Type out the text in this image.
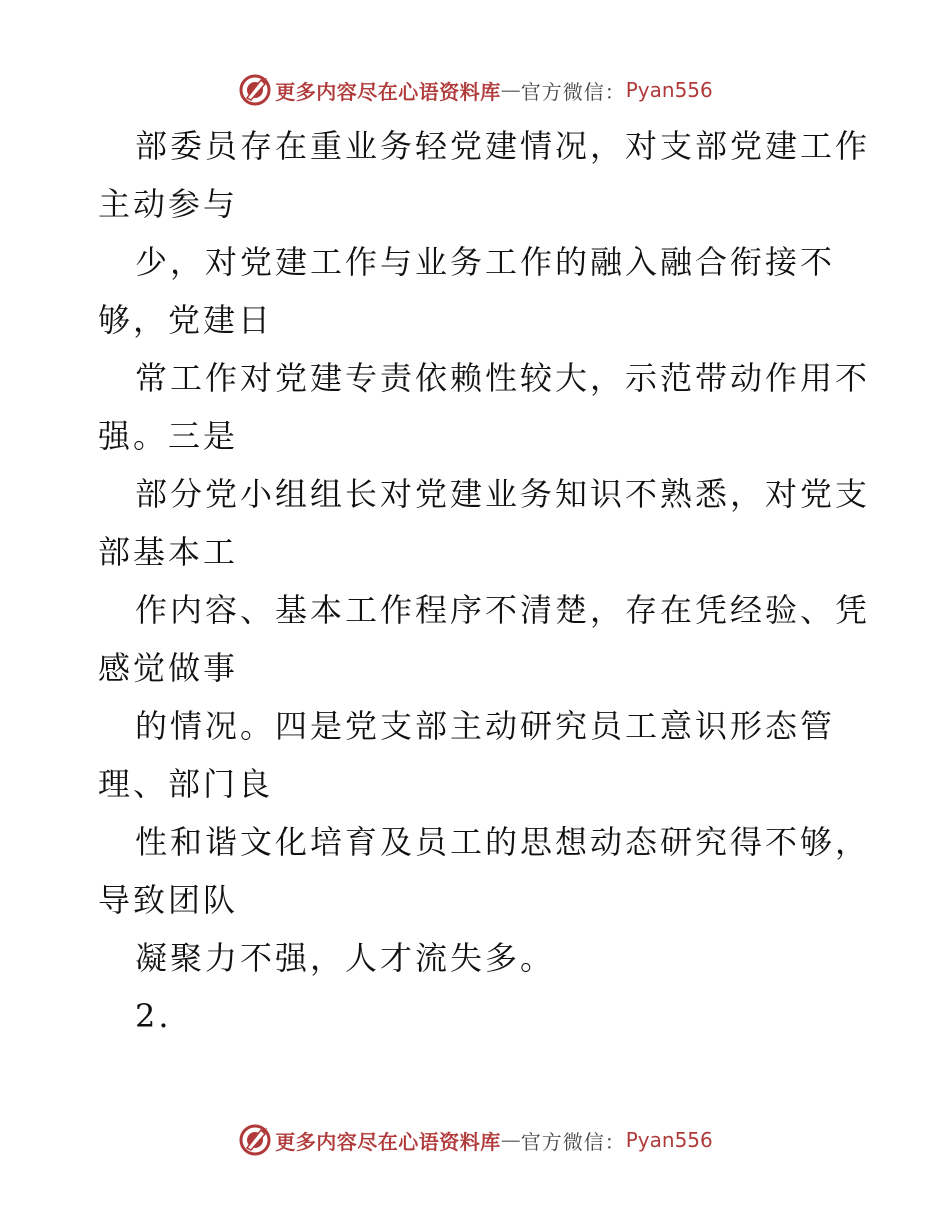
更多内容尽在心语资料库 — 官方微信： Pyan556
部委员存在重业务轻党建情况，对支部党建工作
主动参与
少，对党建工作与业务工作的融入融合衔接不
够，党建日
常工作对党建专责依赖性较大，示范带动作用不
强。三是
部分党小组组长对党建业务知识不熟悉，对党支
部基本工
作内容、基本工作程序不清楚，存在凭经验、凭
感觉做事
的情况。四是党支部主动研究员工意识形态管
理、部门良
性和谐文化培育及员工的思想动态研究得不够，
导致团队
凝聚力不强，人才流失多。
2.
更多内容尽在心语资料库 — 官方微信： Pyan556
